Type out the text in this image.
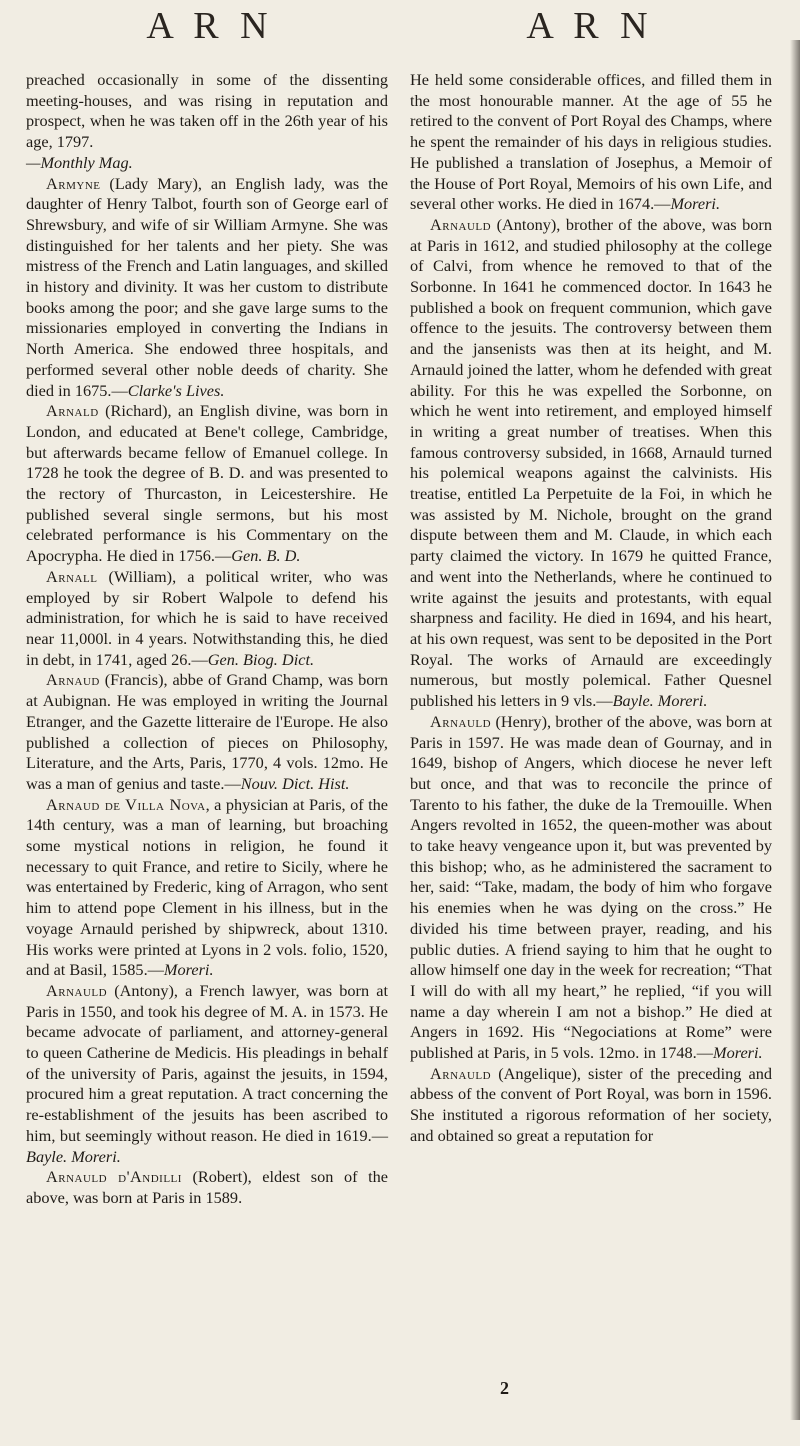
A R N	A R N

preached occasionally in some of the dissenting meeting-houses, and was rising in reputation and prospect, when he was taken off in the 26th year of his age, 1797.

—Monthly Mag.

Armyne (Lady Mary), an English lady, was the daughter of Henry Talbot, fourth son of George earl of Shrewsbury, and wife of sir William Armyne. She was distinguished for her talents and her piety. She was mistress of the French and Latin languages, and skilled in history and divinity. It was her custom to distribute books among the poor; and she gave large sums to the missionaries employed in converting the Indians in North America. She endowed three hospitals, and performed several other noble deeds of charity. She died in 1675.—Clarke's Lives.

Arnald (Richard), an English divine, was born in London, and educated at Bene't college, Cambridge, but afterwards became fellow of Emanuel college. In 1728 he took the degree of B. D. and was presented to the rectory of Thurcaston, in Leicestershire. He published several single sermons, but his most celebrated performance is his Commentary on the Apocrypha. He died in 1756.—Gen. B. D.

Arnall (William), a political writer, who was employed by sir Robert Walpole to defend his administration, for which he is said to have received near 11,000l. in 4 years. Notwithstanding this, he died in debt, in 1741, aged 26.—Gen. Biog. Dict.

Arnaud (Francis), abbe of Grand Champ, was born at Aubignan. He was employed in writing the Journal Etranger, and the Gazette litteraire de l'Europe. He also published a collection of pieces on Philosophy, Literature, and the Arts, Paris, 1770, 4 vols. 12mo. He was a man of genius and taste.—Nouv. Dict. Hist.

Arnaud de Villa Nova, a physician at Paris, of the 14th century, was a man of learning, but broaching some mystical notions in religion, he found it necessary to quit France, and retire to Sicily, where he was entertained by Frederic, king of Arragon, who sent him to attend pope Clement in his illness, but in the voyage Arnauld perished by shipwreck, about 1310. His works were printed at Lyons in 2 vols. folio, 1520, and at Basil, 1585.—Moreri.

Arnauld (Antony), a French lawyer, was born at Paris in 1550, and took his degree of M. A. in 1573. He became advocate of parliament, and attorney-general to queen Catherine de Medicis. His pleadings in behalf of the university of Paris, against the jesuits, in 1594, procured him a great reputation. A tract concerning the re-establishment of the jesuits has been ascribed to him, but seemingly without reason. He died in 1619.—Bayle. Moreri.

Arnauld d'Andilli (Robert), eldest son of the above, was born at Paris in 1589.

He held some considerable offices, and filled them in the most honourable manner. At the age of 55 he retired to the convent of Port Royal des Champs, where he spent the remainder of his days in religious studies. He published a translation of Josephus, a Memoir of the House of Port Royal, Memoirs of his own Life, and several other works. He died in 1674.—Moreri.

Arnauld (Antony), brother of the above, was born at Paris in 1612, and studied philosophy at the college of Calvi, from whence he removed to that of the Sorbonne. In 1641 he commenced doctor. In 1643 he published a book on frequent communion, which gave offence to the jesuits. The controversy between them and the jansenists was then at its height, and M. Arnauld joined the latter, whom he defended with great ability. For this he was expelled the Sorbonne, on which he went into retirement, and employed himself in writing a great number of treatises. When this famous controversy subsided, in 1668, Arnauld turned his polemical weapons against the calvinists. His treatise, entitled La Perpetuite de la Foi, in which he was assisted by M. Nichole, brought on the grand dispute between them and M. Claude, in which each party claimed the victory. In 1679 he quitted France, and went into the Netherlands, where he continued to write against the jesuits and protestants, with equal sharpness and facility. He died in 1694, and his heart, at his own request, was sent to be deposited in the Port Royal. The works of Arnauld are exceedingly numerous, but mostly polemical. Father Quesnel published his letters in 9 vls.—Bayle. Moreri.

Arnauld (Henry), brother of the above, was born at Paris in 1597. He was made dean of Gournay, and in 1649, bishop of Angers, which diocese he never left but once, and that was to reconcile the prince of Tarento to his father, the duke de la Tremouille. When Angers revolted in 1652, the queen-mother was about to take heavy vengeance upon it, but was prevented by this bishop; who, as he administered the sacrament to her, said: “Take, madam, the body of him who forgave his enemies when he was dying on the cross.” He divided his time between prayer, reading, and his public duties. A friend saying to him that he ought to allow himself one day in the week for recreation; “That I will do with all my heart,” he replied, “if you will name a day wherein I am not a bishop.” He died at Angers in 1692. His “Negociations at Rome” were published at Paris, in 5 vols. 12mo. in 1748.—Moreri.

Arnauld (Angelique), sister of the preceding and abbess of the convent of Port Royal, was born in 1596. She instituted a rigorous reformation of her society, and obtained so great a reputation for

2
